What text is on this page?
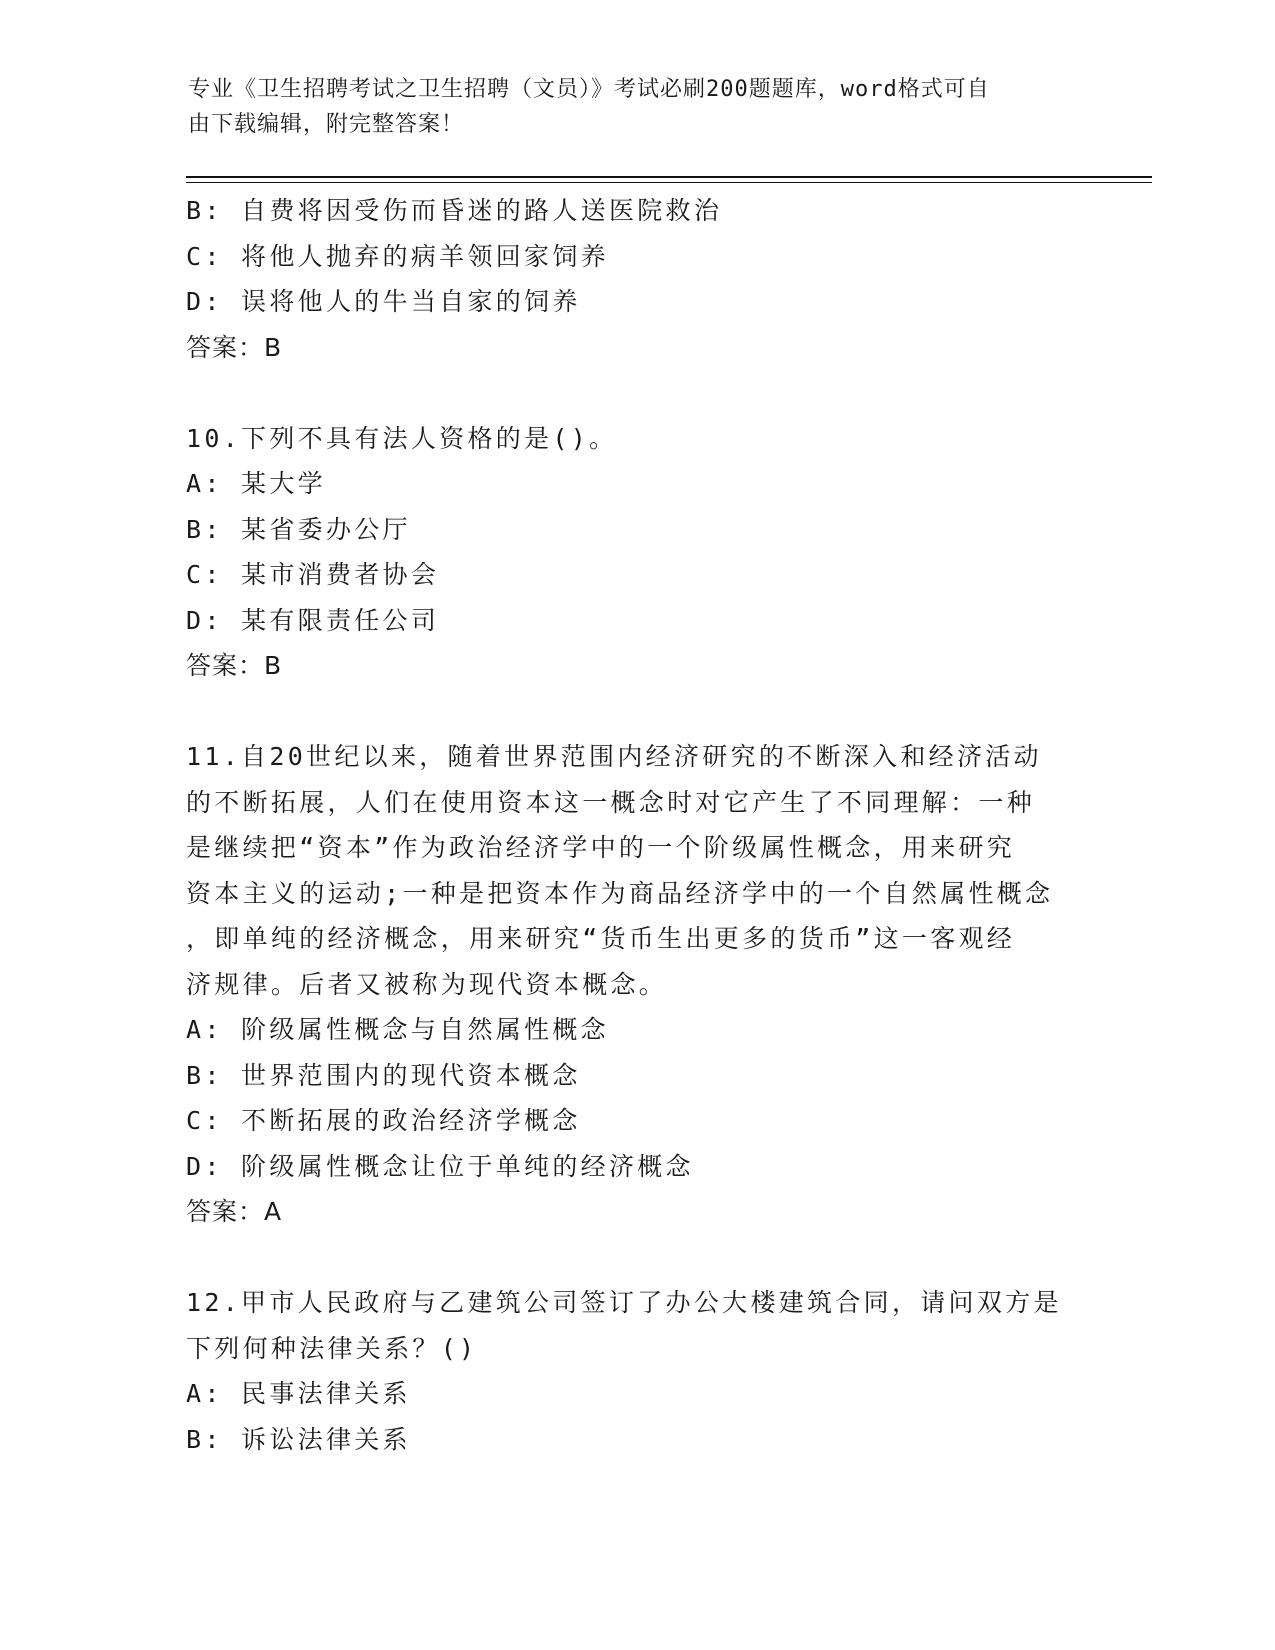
专业《卫生招聘考试之卫生招聘（文员）》考试必刷200题题库，word格式可自
由下载编辑，附完整答案！
B: 自费将因受伤而昏迷的路人送医院救治
C: 将他人抛弃的病羊领回家饲养
D: 误将他人的牛当自家的饲养
答案：B
10.下列不具有法人资格的是()。
A: 某大学
B: 某省委办公厅
C: 某市消费者协会
D: 某有限责任公司
答案：B
11.自20世纪以来，随着世界范围内经济研究的不断深入和经济活动
的不断拓展，人们在使用资本这一概念时对它产生了不同理解：一种
是继续把“资本”作为政治经济学中的一个阶级属性概念，用来研究
资本主义的运动;一种是把资本作为商品经济学中的一个自然属性概念
，即单纯的经济概念，用来研究“货币生出更多的货币”这一客观经
济规律。后者又被称为现代资本概念。
A: 阶级属性概念与自然属性概念
B: 世界范围内的现代资本概念
C: 不断拓展的政治经济学概念
D: 阶级属性概念让位于单纯的经济概念
答案：A
12.甲市人民政府与乙建筑公司签订了办公大楼建筑合同，请问双方是
下列何种法律关系？()
A: 民事法律关系
B: 诉讼法律关系
